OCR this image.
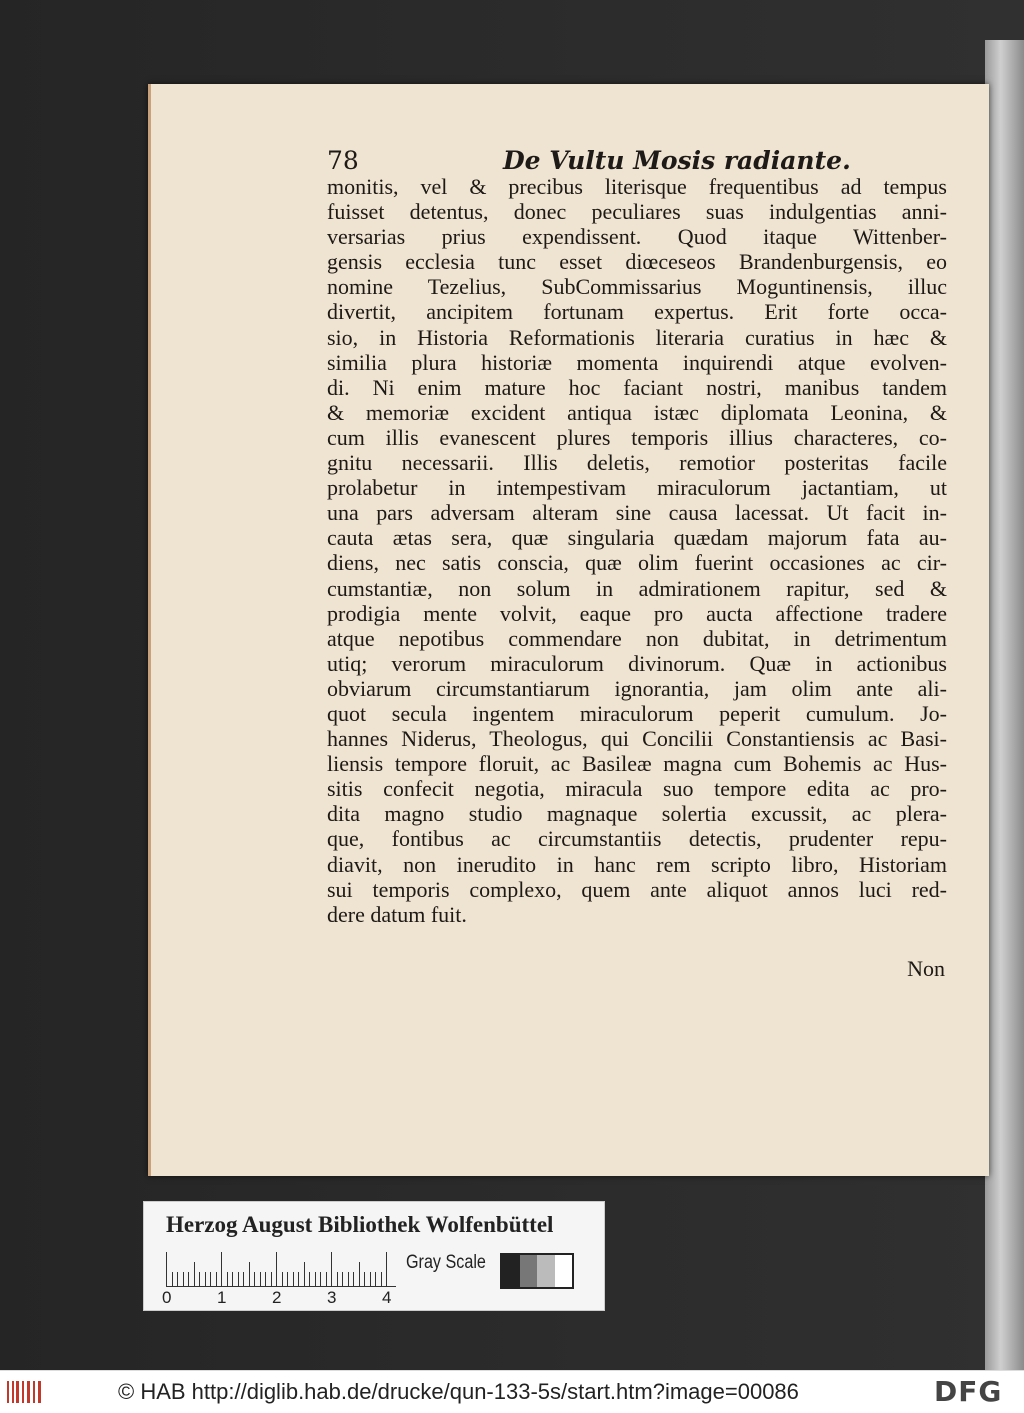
78	De Vultu Mosis radiante.
monitis, vel & precibus literisque frequentibus ad tempus
fuisset detentus, donec peculiares suas indulgentias anni-
versarias prius expendissent. Quod itaque Wittenber-
gensis ecclesia tunc esset diœceseos Brandenburgensis, eo
nomine Tezelius, SubCommissarius Moguntinensis, illuc
divertit, ancipitem fortunam expertus. Erit forte occa-
sio, in Historia Reformationis literaria curatius in hæc &
similia plura historiæ momenta inquirendi atque evolven-
di. Ni enim mature hoc faciant nostri, manibus tandem
& memoriæ excident antiqua istæc diplomata Leonina, &
cum illis evanescent plures temporis illius characteres, co-
gnitu necessarii. Illis deletis, remotior posteritas facile
prolabetur in intempestivam miraculorum jactantiam, ut
una pars adversam alteram sine causa lacessat. Ut facit in-
cauta ætas sera, quæ singularia quædam majorum fata au-
diens, nec satis conscia, quæ olim fuerint occasiones ac cir-
cumstantiæ, non solum in admirationem rapitur, sed &
prodigia mente volvit, eaque pro aucta affectione tradere
atque nepotibus commendare non dubitat, in detrimentum
utiq; verorum miraculorum divinorum. Quæ in actionibus
obviarum circumstantiarum ignorantia, jam olim ante ali-
quot secula ingentem miraculorum peperit cumulum. Jo-
hannes Niderus, Theologus, qui Concilii Constantiensis ac Basi-
liensis tempore floruit, ac Basileæ magna cum Bohemis ac Hus-
sitis confecit negotia, miracula suo tempore edita ac pro-
dita magno studio magnaque solertia excussit, ac plera-
que, fontibus ac circumstantiis detectis, prudenter repu-
diavit, non inerudito in hanc rem scripto libro, Historiam
sui temporis complexo, quem ante aliquot annos luci red-
dere datum fuit.
Non
Herzog August Bibliothek Wolfenbüttel
0	1	2	3	4
Gray Scale
© HAB http://diglib.hab.de/drucke/qun-133-5s/start.htm?image=00086	DFG
